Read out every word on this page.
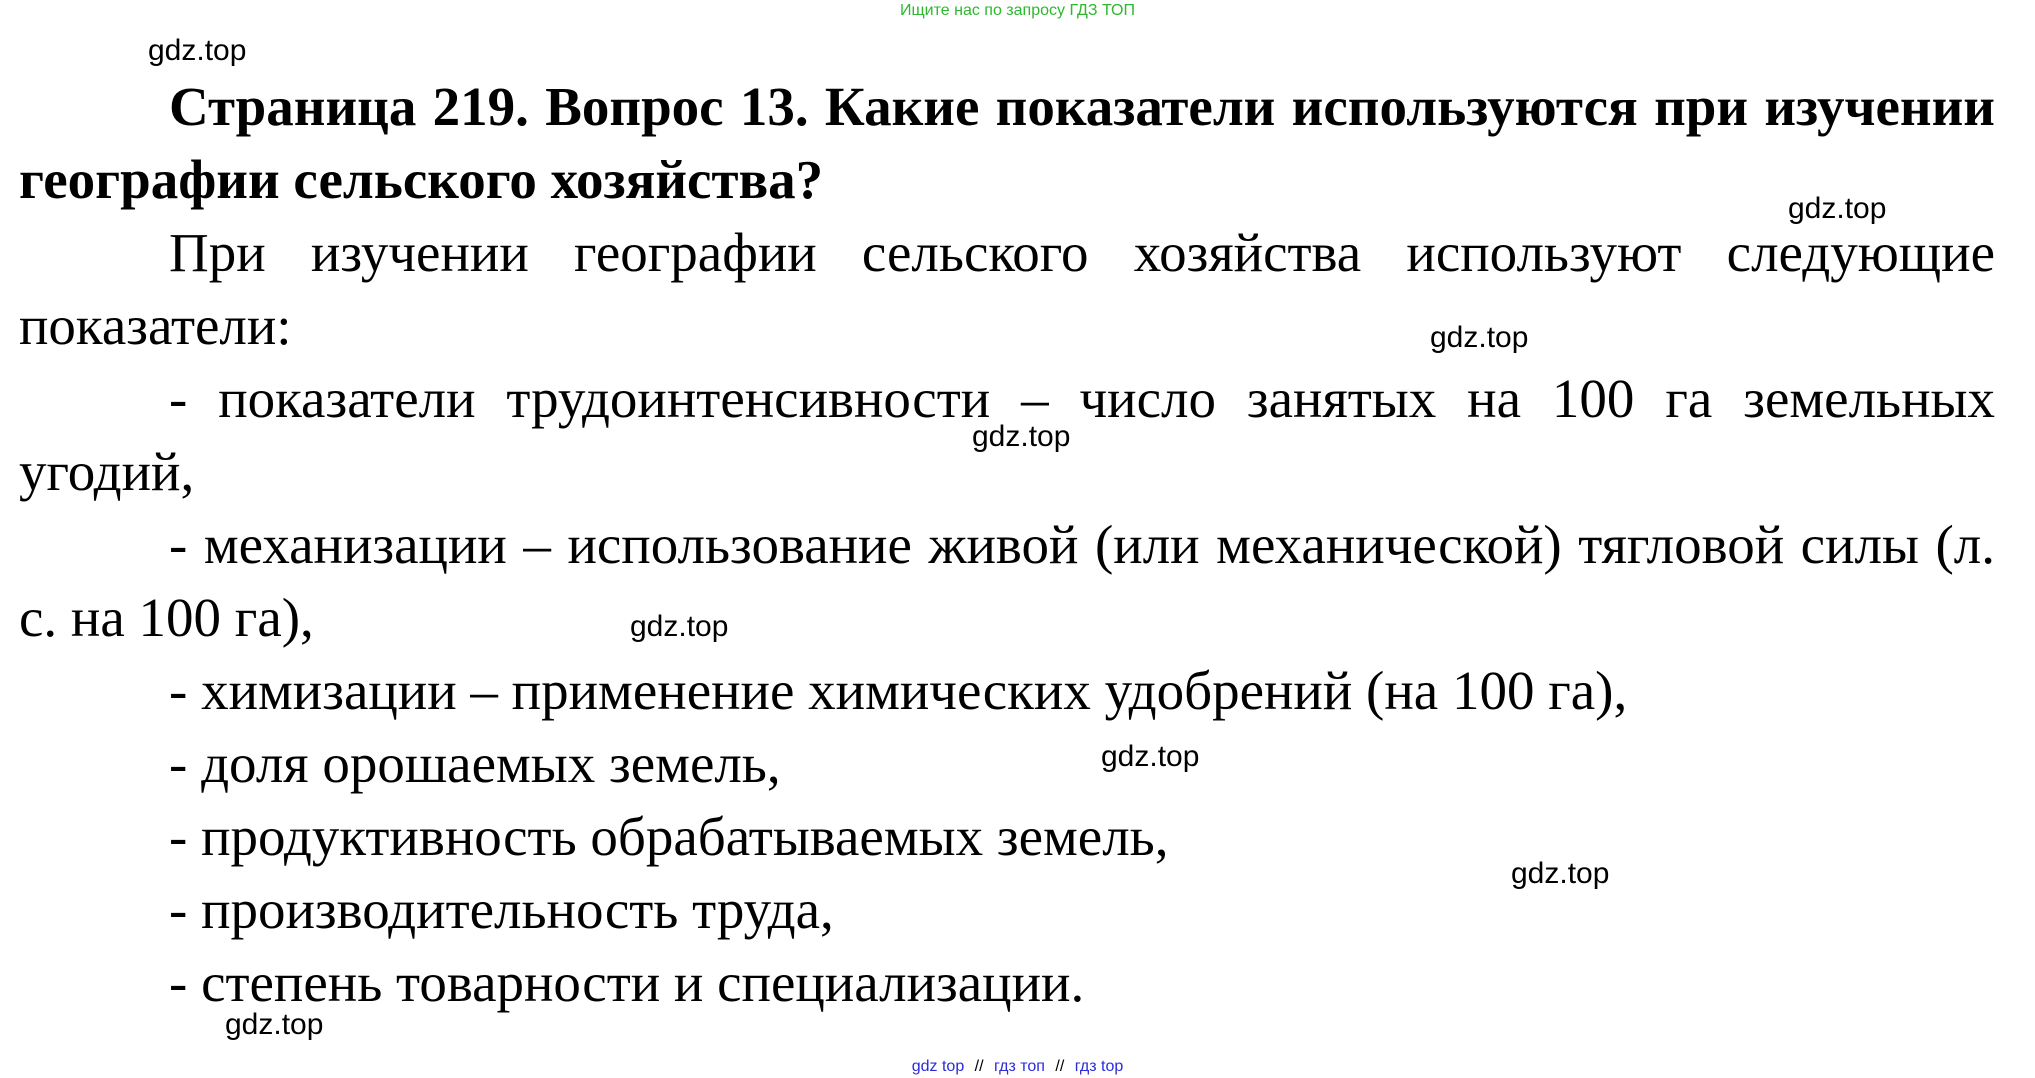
Ищите нас по запросу ГДЗ ТОП

Страница 219. Вопрос 13. Какие показатели используются при изучении географии сельского хозяйства?

При изучении географии сельского хозяйства используют следующие показатели:

- показатели трудоинтенсивности – число занятых на 100 га земельных угодий,

- механизации – использование живой (или механической) тягловой силы (л. с. на 100 га),

- химизации – применение химических удобрений (на 100 га),

- доля орошаемых земель,

- продуктивность обрабатываемых земель,

- производительность труда,

- степень товарности и специализации.

gdz.top
gdz.top
gdz.top
gdz.top
gdz.top
gdz.top
gdz.top
gdz.top
gdz top // гдз топ // гдз top
